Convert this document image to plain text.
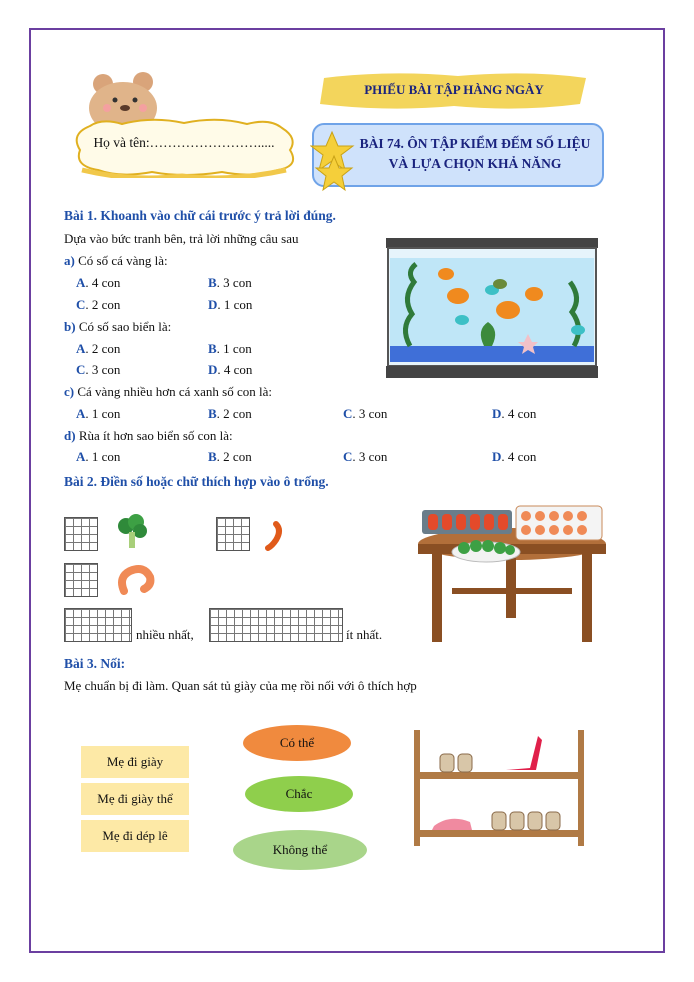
Họ và tên:…………………….....
PHIẾU BÀI TẬP HÀNG NGÀY
BÀI 74. ÔN TẬP KIỂM ĐẾM SỐ LIỆU VÀ LỰA CHỌN KHẢ NĂNG
Bài 1. Khoanh vào chữ cái trước ý trả lời đúng.
Dựa vào bức tranh bên, trả lời những câu sau
a) Có số cá vàng là:
A. 4 con	B. 3 con
C. 2 con	D. 1 con
b) Có số sao biển là:
A. 2 con	B. 1 con
C. 3 con	D. 4 con
c) Cá vàng nhiều hơn cá xanh số con là:
A. 1 con	B. 2 con	C. 3 con	D. 4 con
d) Rùa ít hơn sao biển số con là:
A. 1 con	B. 2 con	C. 3 con	D. 4 con
Bài 2. Điền số hoặc chữ thích hợp vào ô trống.
nhiều nhất,	ít nhất.
Bài 3. Nối:
Mẹ chuẩn bị đi làm. Quan sát tủ giày của mẹ rồi nối với ô thích hợp
Mẹ đi giày
Mẹ đi giày thể
Mẹ đi dép lê
Có thể
Chắc
Không thể
